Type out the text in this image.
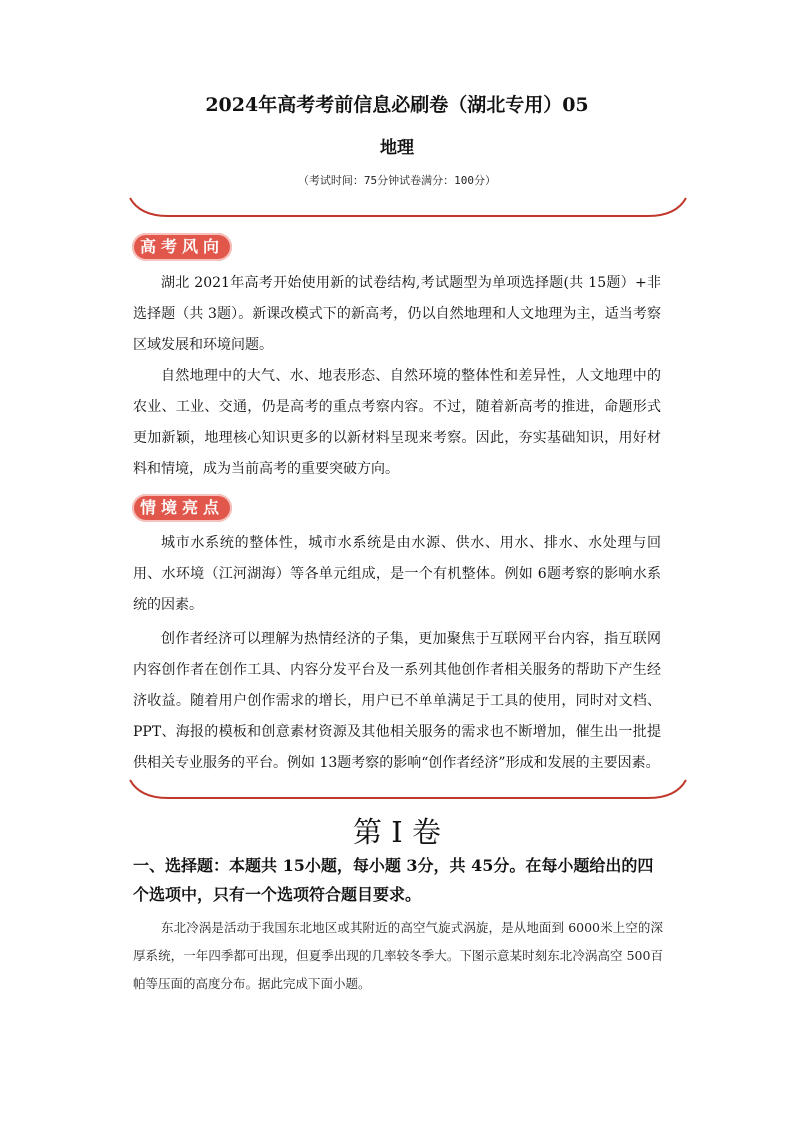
2024年高考考前信息必刷卷（湖北专用）05
地理
（考试时间：75分钟试卷满分：100分）
高考风向
湖北 2021年高考开始使用新的试卷结构,考试题型为单项选择题(共 15题）+非选择题（共 3题）。新课改模式下的新高考，仍以自然地理和人文地理为主，适当考察区域发展和环境问题。
自然地理中的大气、水、地表形态、自然环境的整体性和差异性，人文地理中的农业、工业、交通，仍是高考的重点考察内容。不过，随着新高考的推进，命题形式更加新颖，地理核心知识更多的以新材料呈现来考察。因此，夯实基础知识，用好材料和情境，成为当前高考的重要突破方向。
情境亮点
城市水系统的整体性，城市水系统是由水源、供水、用水、排水、水处理与回用、水环境（江河湖海）等各单元组成，是一个有机整体。例如 6题考察的影响水系统的因素。
创作者经济可以理解为热情经济的子集，更加聚焦于互联网平台内容，指互联网内容创作者在创作工具、内容分发平台及一系列其他创作者相关服务的帮助下产生经济收益。随着用户创作需求的增长，用户已不单单满足于工具的使用，同时对文档、PPT、海报的模板和创意素材资源及其他相关服务的需求也不断增加，催生出一批提供相关专业服务的平台。例如 13题考察的影响“创作者经济”形成和发展的主要因素。
第 I 卷
一、选择题：本题共 15小题，每小题 3分，共 45分。在每小题给出的四个选项中，只有一个选项符合题目要求。
东北冷涡是活动于我国东北地区或其附近的高空气旋式涡旋，是从地面到 6000米上空的深厚系统，一年四季都可出现，但夏季出现的几率较冬季大。下图示意某时刻东北冷涡高空 500百帕等压面的高度分布。据此完成下面小题。
